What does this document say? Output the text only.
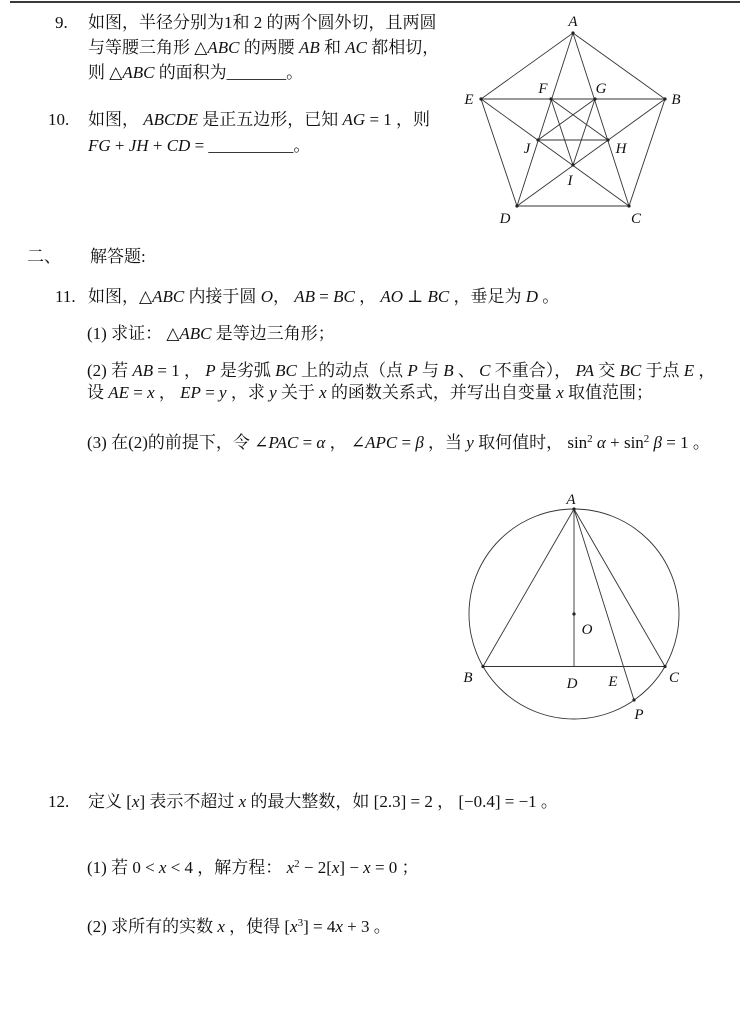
9. 如图，半径分别为1和 2 的两个圆外切，且两圆
与等腰三角形 △ABC 的两腰 AB 和 AC 都相切，
则 △ABC 的面积为_______。
10. 如图， ABCDE 是正五边形，已知 AG = 1 ，则
FG + JH + CD = __________。
A
B
C
D
E
F	G
H
I
J
二、 解答题:
11. 如图，△ABC 内接于圆 O， AB = BC ， AO ⊥ BC ，垂足为 D 。
(1) 求证： △ABC 是等边三角形；
(2) 若 AB = 1 ， P 是劣弧 BC 上的动点（点 P 与 B 、 C 不重合）， PA 交 BC 于点 E ，
设 AE = x ， EP = y ，求 y 关于 x 的函数关系式，并写出自变量 x 取值范围；
(3) 在(2)的前提下，令 ∠PAC = α ， ∠APC = β ，当 y 取何值时， $\sin^2 \alpha + \sin^2 \beta = 1$ 。
A
O
B	D E	C
P
12. 定义 [x] 表示不超过 x 的最大整数，如 [2.3] = 2 ， [−0.4] = −1 。
(1) 若 0 < x < 4 ，解方程： $x^2 - 2[x] - x = 0$ ；
(2) 求所有的实数 x ，使得 $[x^3] = 4x + 3$ 。
